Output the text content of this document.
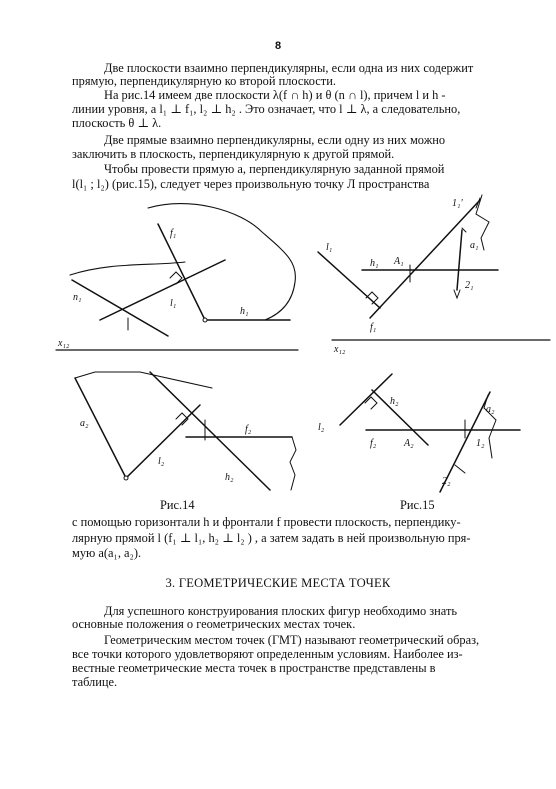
8
Две плоскости взаимно перпендикулярны, если одна из них содержит
прямую, перпендикулярную ко второй плоскости.
На рис.14 имеем две плоскости λ(f ∩ h) и θ (n ∩ l), причем l и h -
линии уровня, а l₁ ⊥ f₁, l₂ ⊥ h₂ . Это означает, что l ⊥ λ, а следовательно,
плоскость θ ⊥ λ.
Две прямые взаимно перпендикулярны, если одну из них можно
заключить в плоскость, перпендикулярную к другой прямой.
Чтобы провести прямую a, перпендикулярную заданной прямой
l(l₁ ; l₂) (рис.15), следует через произвольную точку Л пространства
f₁
n₁
l₁
h₁
x₁₂
a₂
l₂
f₂
h₂
l₁
h₁ A₁
a₁
1₁'
2₁
f₁
x₁₂
h₂
a₂
l₂
f₂	A₂	1₂
2₂
Рис.14	Рис.15
с помощью горизонтали h и фронтали f провести плоскость, перпендику-
лярную прямой l (f₁ ⊥ l₁, h₂ ⊥ l₂ ) , а затем задать в ней произвольную пря-
мую a(a₁, a₂).
3. ГЕОМЕТРИЧЕСКИЕ МЕСТА ТОЧЕК
Для успешного конструирования плоских фигур необходимо знать
основные положения о геометрических местах точек.
Геометрическим местом точек (ГМТ) называют геометрический образ,
все точки которого удовлетворяют определенным условиям. Наиболее из-
вестные геометрические места точек в пространстве представлены в
таблице.
